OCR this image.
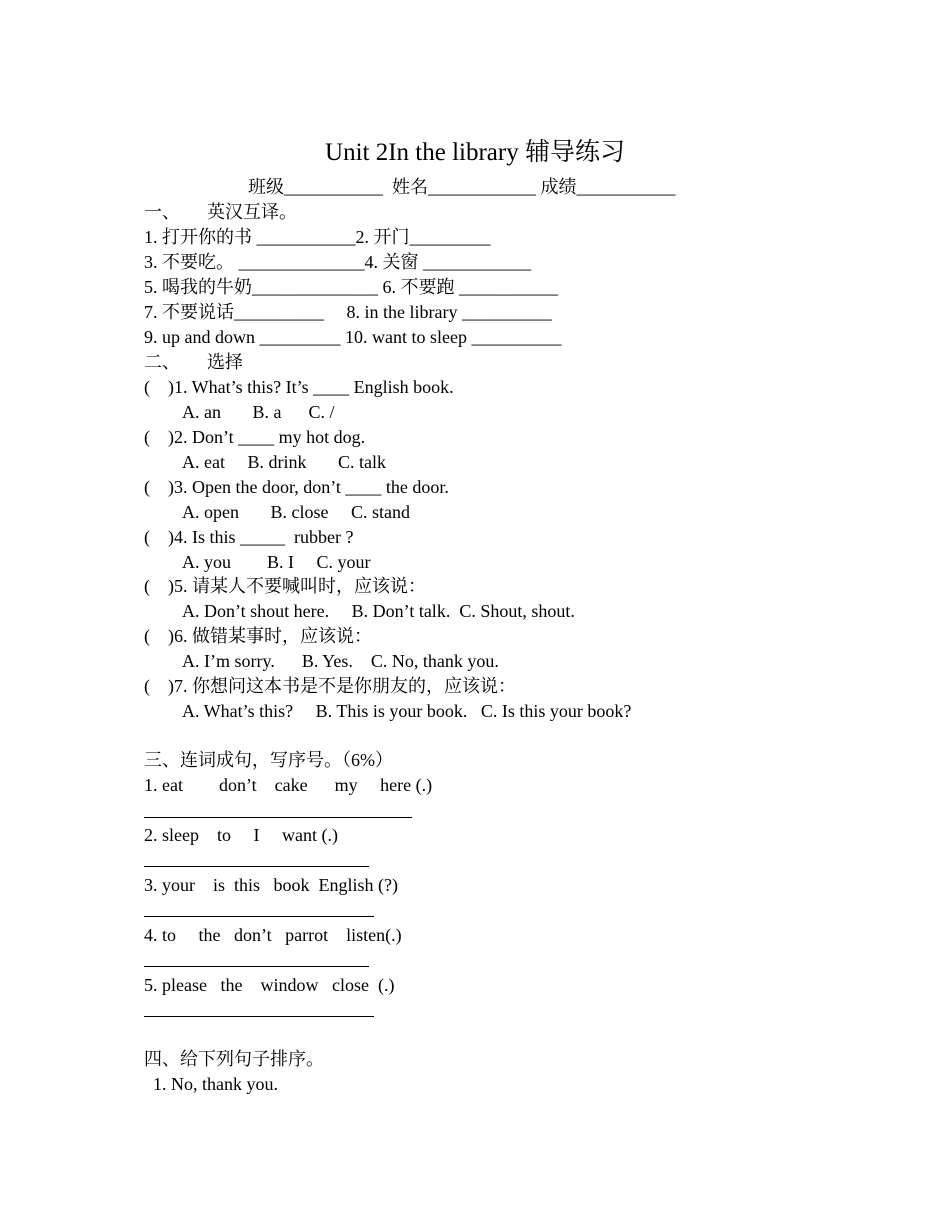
Unit 2In the library 辅导练习
班级___________  姓名____________ 成绩___________
一、      英汉互译。
1. 打开你的书 ___________2. 开门_________
3. 不要吃。 ______________4. 关窗 ____________
5. 喝我的牛奶______________ 6. 不要跑 ___________
7. 不要说话__________     8. in the library __________
9. up and down _________ 10. want to sleep __________
二、      选择
(    )1. What’s this? It’s ____ English book.
A. an       B. a      C. /
(    )2. Don’t ____ my hot dog.
A. eat     B. drink       C. talk
(    )3. Open the door, don’t ____ the door.
A. open       B. close     C. stand
(    )4. Is this _____  rubber ?
A. you        B. I     C. your
(    )5. 请某人不要喊叫时，应该说：
A. Don’t shout here.     B. Don’t talk.  C. Shout, shout.
(    )6. 做错某事时，应该说：
A. I’m sorry.      B. Yes.    C. No, thank you.
(    )7. 你想问这本书是不是你朋友的，应该说：
A. What’s this?     B. This is your book.   C. Is this your book?
三、连词成句，写序号。（6%）
1. eat        don’t    cake      my     here (.)
2. sleep    to     I     want (.)
3. your    is  this   book  English (?)
4. to     the   don’t   parrot    listen(.)
5. please   the    window   close  (.)
四、给下列句子排序。
1. No, thank you.
